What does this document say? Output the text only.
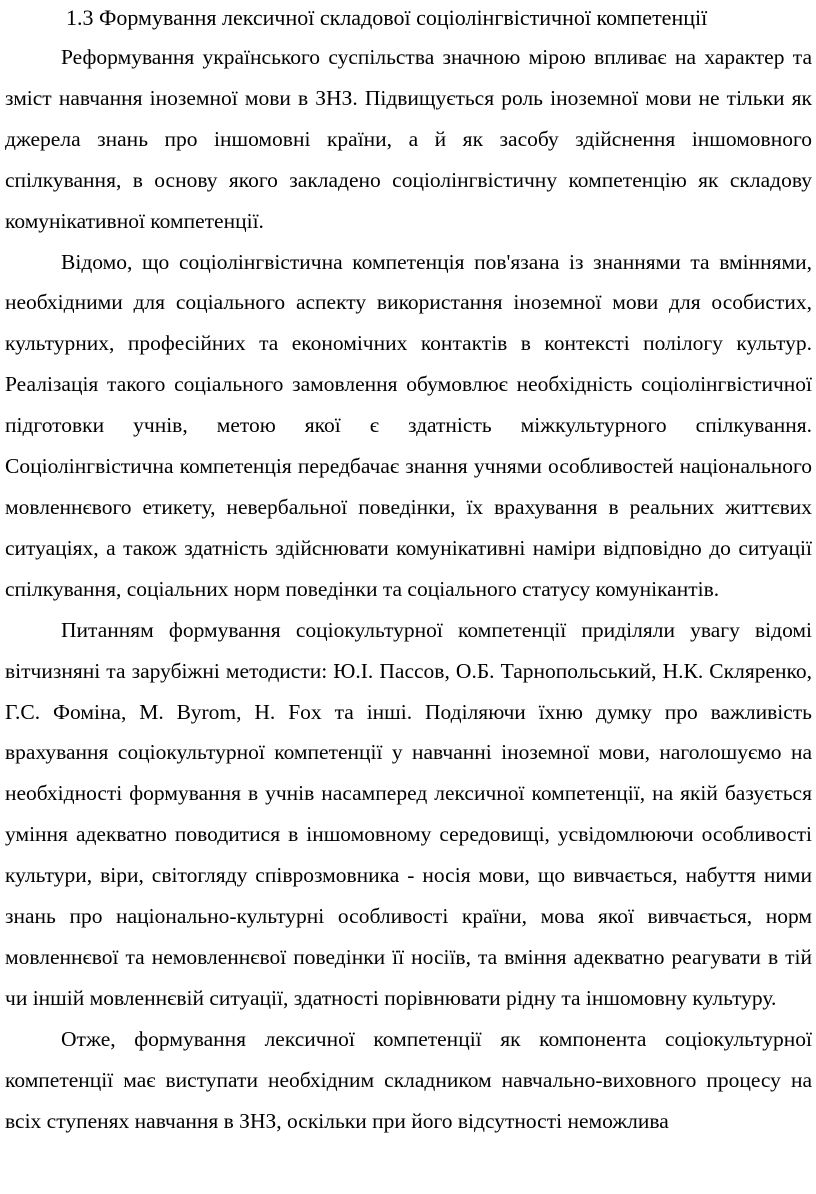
1.3 Формування лексичної складової соціолінгвістичної компетенції

Реформування українського суспільства значною мірою впливає на характер та зміст навчання іноземної мови в ЗНЗ. Підвищується роль іноземної мови не тільки як джерела знань про іншомовні країни, а й як засобу здійснення іншомовного спілкування, в основу якого закладено соціолінгвістичну компетенцію як складову комунікативної компетенції.

Відомо, що соціолінгвістична компетенція пов'язана із знаннями та вміннями, необхідними для соціального аспекту використання іноземної мови для особистих, культурних, професійних та економічних контактів в контексті полілогу культур. Реалізація такого соціального замовлення обумовлює необхідність соціолінгвістичної підготовки учнів, метою якої є здатність міжкультурного спілкування. Соціолінгвістична компетенція передбачає знання учнями особливостей національного мовленнєвого етикету, невербальної поведінки, їх врахування в реальних життєвих ситуаціях, а також здатність здійснювати комунікативні наміри відповідно до ситуації спілкування, соціальних норм поведінки та соціального статусу комунікантів.

Питанням формування соціокультурної компетенції приділяли увагу відомі вітчизняні та зарубіжні методисти: Ю.І. Пассов, О.Б. Тарнопольський, Н.К. Скляренко, Г.С. Фоміна, M. Вуrom, H. Fox та інші. Поділяючи їхню думку про важливість врахування соціокультурної компетенції у навчанні іноземної мови, наголошуємо на необхідності формування в учнів насамперед лексичної компетенції, на якій базується уміння адекватно поводитися в іншомовному середовищі, усвідомлюючи особливості культури, віри, світогляду співрозмовника - носія мови, що вивчається, набуття ними знань про національно-культурні особливості країни, мова якої вивчається, норм мовленнєвої та немовленнєвої поведінки її носіїв, та вміння адекватно реагувати в тій чи іншій мовленнєвій ситуації, здатності порівнювати рідну та іншомовну культуру.

Отже, формування лексичної компетенції як компонента соціокультурної компетенції має виступати необхідним складником навчально-виховного процесу на всіх ступенях навчання в ЗНЗ, оскільки при його відсутності неможлива
